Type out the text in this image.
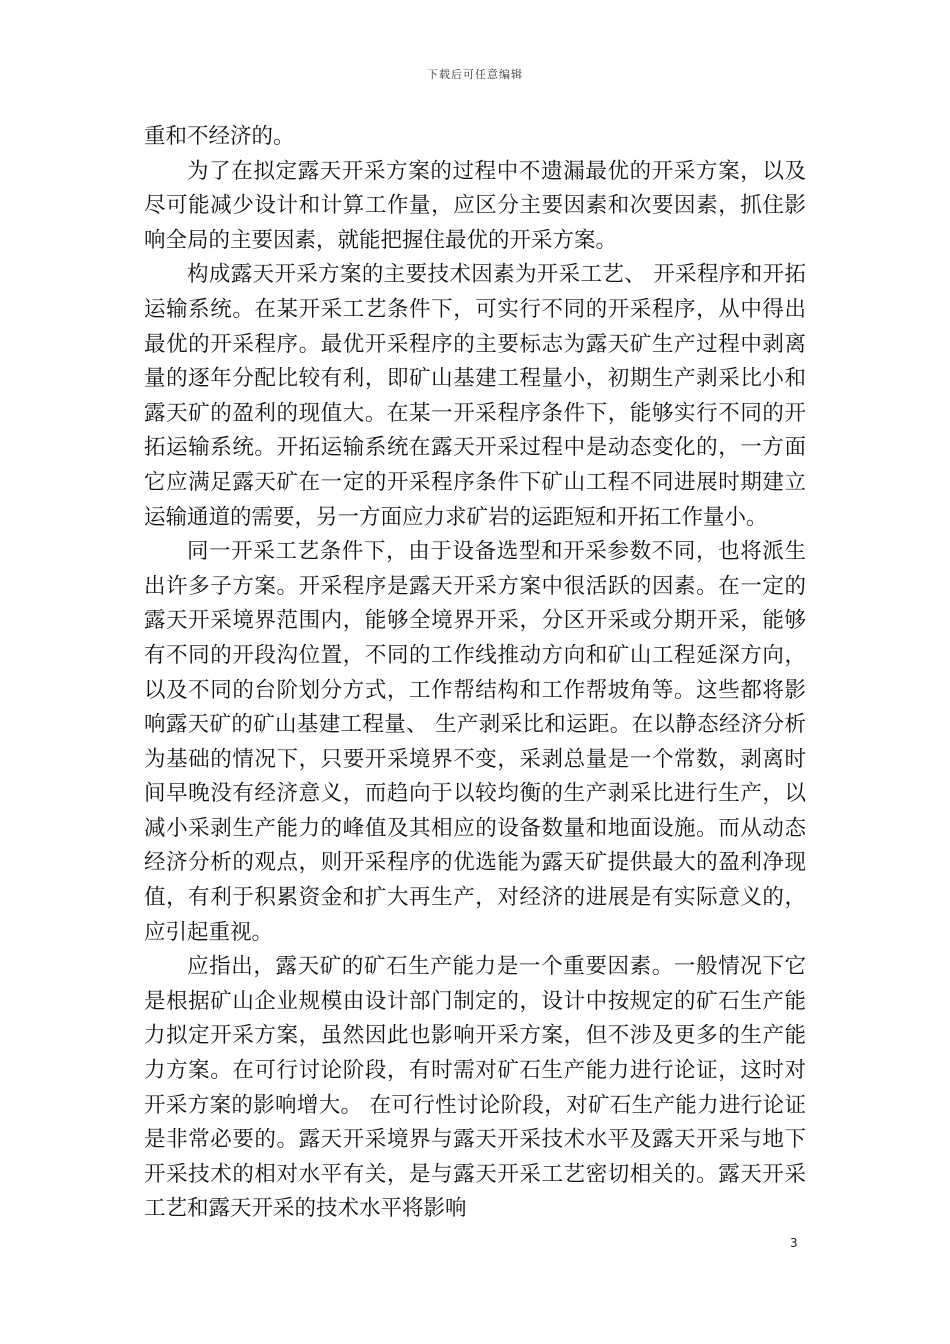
下载后可任意编辑

重和不经济的。

为了在拟定露天开采方案的过程中不遗漏最优的开采方案，以及尽可能减少设计和计算工作量，应区分主要因素和次要因素，抓住影响全局的主要因素，就能把握住最优的开采方案。

构成露天开采方案的主要技术因素为开采工艺、 开采程序和开拓运输系统。在某开采工艺条件下，可实行不同的开采程序，从中得出最优的开采程序。最优开采程序的主要标志为露天矿生产过程中剥离量的逐年分配比较有利，即矿山基建工程量小，初期生产剥采比小和露天矿的盈利的现值大。在某一开采程序条件下，能够实行不同的开拓运输系统。开拓运输系统在露天开采过程中是动态变化的，一方面它应满足露天矿在一定的开采程序条件下矿山工程不同进展时期建立运输通道的需要，另一方面应力求矿岩的运距短和开拓工作量小。

同一开采工艺条件下，由于设备选型和开采参数不同，也将派生出许多子方案。开采程序是露天开采方案中很活跃的因素。在一定的露天开采境界范围内，能够全境界开采，分区开采或分期开采，能够有不同的开段沟位置，不同的工作线推动方向和矿山工程延深方向，以及不同的台阶划分方式，工作帮结构和工作帮坡角等。这些都将影响露天矿的矿山基建工程量、 生产剥采比和运距。在以静态经济分析为基础的情况下，只要开采境界不变，采剥总量是一个常数，剥离时间早晚没有经济意义，而趋向于以较均衡的生产剥采比进行生产，以减小采剥生产能力的峰值及其相应的设备数量和地面设施。而从动态经济分析的观点，则开采程序的优选能为露天矿提供最大的盈利净现值，有利于积累资金和扩大再生产，对经济的进展是有实际意义的，应引起重视。

应指出，露天矿的矿石生产能力是一个重要因素。一般情况下它是根据矿山企业规模由设计部门制定的，设计中按规定的矿石生产能力拟定开采方案，虽然因此也影响开采方案，但不涉及更多的生产能力方案。在可行讨论阶段，有时需对矿石生产能力进行论证，这时对开采方案的影响增大。 在可行性讨论阶段，对矿石生产能力进行论证是非常必要的。露天开采境界与露天开采技术水平及露天开采与地下开采技术的相对水平有关，是与露天开采工艺密切相关的。露天开采工艺和露天开采的技术水平将影响

3
